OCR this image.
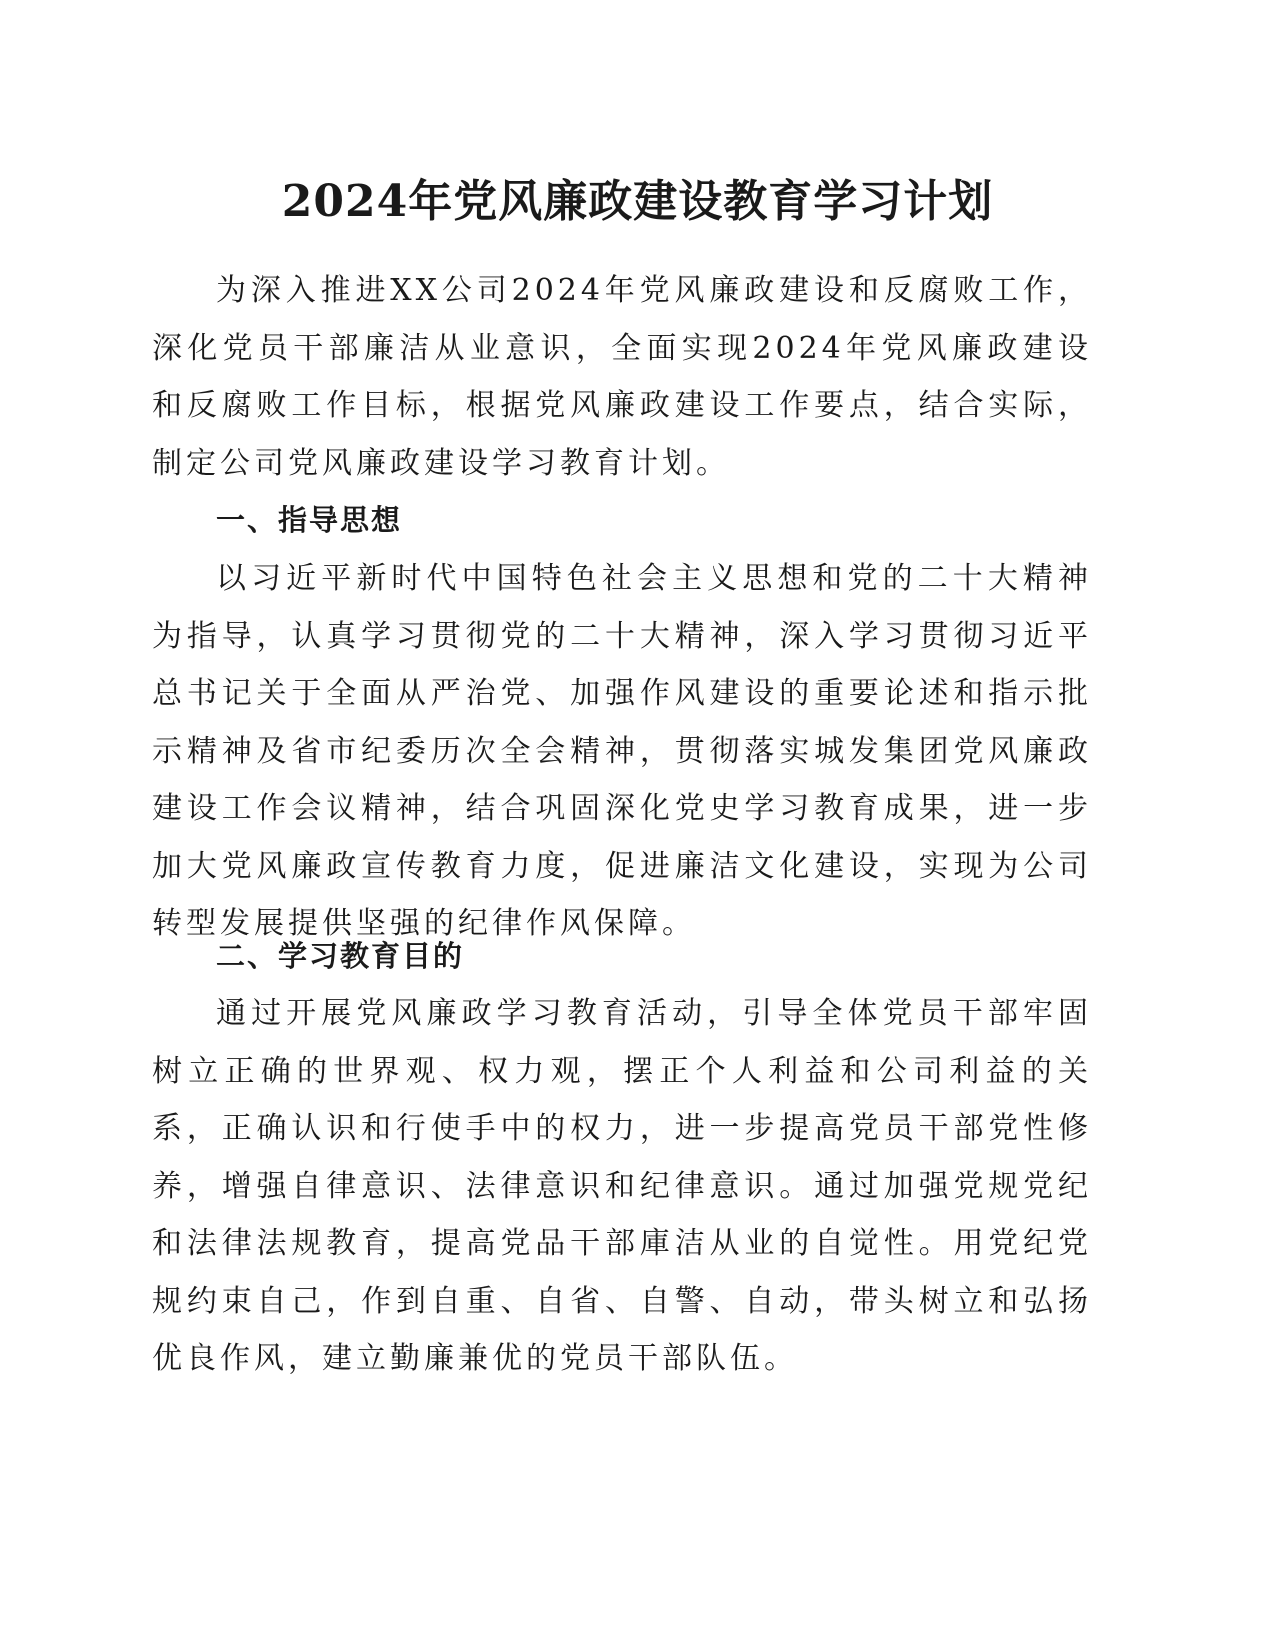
2024年党风廉政建设教育学习计划

为深入推进XX公司2024年党风廉政建设和反腐败工作，深化党员干部廉洁从业意识，全面实现2024年党风廉政建设和反腐败工作目标，根据党风廉政建设工作要点，结合实际，制定公司党风廉政建设学习教育计划。

一、指导思想

以习近平新时代中国特色社会主义思想和党的二十大精神为指导，认真学习贯彻党的二十大精神，深入学习贯彻习近平总书记关于全面从严治党、加强作风建设的重要论述和指示批示精神及省市纪委历次全会精神，贯彻落实城发集团党风廉政建设工作会议精神，结合巩固深化党史学习教育成果，进一步加大党风廉政宣传教育力度，促进廉洁文化建设，实现为公司转型发展提供坚强的纪律作风保障。

二、学习教育目的

通过开展党风廉政学习教育活动，引导全体党员干部牢固树立正确的世界观、权力观，摆正个人利益和公司利益的关系，正确认识和行使手中的权力，进一步提高党员干部党性修养，增强自律意识、法律意识和纪律意识。通过加强党规党纪和法律法规教育，提高党品干部庫洁从业的自觉性。用党纪党规约束自己，作到自重、自省、自警、自动，带头树立和弘扬优良作风，建立勤廉兼优的党员干部队伍。
